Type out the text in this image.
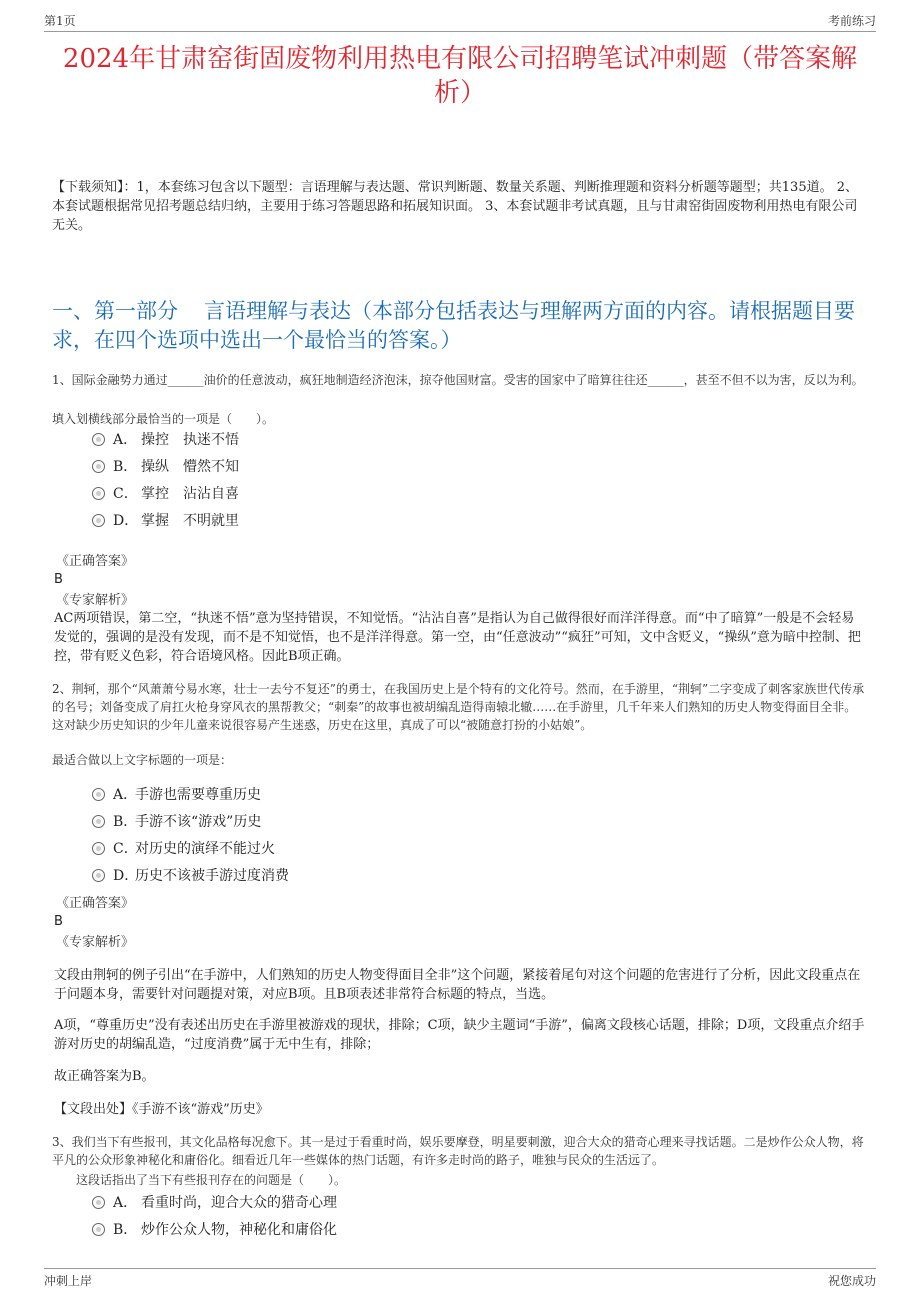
第1页	考前练习
2024年甘肃窑街固废物利用热电有限公司招聘笔试冲刺题（带答案解析）
【下载须知】：1，本套练习包含以下题型：言语理解与表达题、常识判断题、数量关系题、判断推理题和资料分析题等题型；共135道。 2、本套试题根据常见招考题总结归纳，主要用于练习答题思路和拓展知识面。 3、本套试题非考试真题，且与甘肃窑街固废物利用热电有限公司无关。
一、第一部分 言语理解与表达（本部分包括表达与理解两方面的内容。请根据题目要求，在四个选项中选出一个最恰当的答案。）
1、国际金融势力通过______油价的任意波动，疯狂地制造经济泡沫，掠夺他国财富。受害的国家中了暗算往往还______，甚至不但不以为害，反以为利。
填入划横线部分最恰当的一项是（　　）。
A． 操控　执迷不悟
B． 操纵　懵然不知
C． 掌控　沾沾自喜
D． 掌握　不明就里
《正确答案》
B
《专家解析》
AC两项错误，第二空，“执迷不悟”意为坚持错误，不知觉悟。“沾沾自喜”是指认为自己做得很好而洋洋得意。而“中了暗算”一般是不会轻易发觉的，强调的是没有发现，而不是不知觉悟，也不是洋洋得意。第一空，由“任意波动”“疯狂”可知，文中含贬义，“操纵”意为暗中控制、把控，带有贬义色彩，符合语境风格。因此B项正确。
2、荆轲，那个“风萧萧兮易水寒，壮士一去兮不复还”的勇士，在我国历史上是个特有的文化符号。然而，在手游里，“荆轲”二字变成了刺客家族世代传承的名号；刘备变成了肩扛火枪身穿风衣的黑帮教父；“刺秦”的故事也被胡编乱造得南辕北辙……在手游里，几千年来人们熟知的历史人物变得面目全非。这对缺少历史知识的少年儿童来说很容易产生迷惑，历史在这里，真成了可以“被随意打扮的小姑娘”。
最适合做以上文字标题的一项是：
A．手游也需要尊重历史
B．手游不该“游戏”历史
C．对历史的演绎不能过火
D．历史不该被手游过度消费
《正确答案》
B
《专家解析》
文段由荆轲的例子引出“在手游中，人们熟知的历史人物变得面目全非”这个问题，紧接着尾句对这个问题的危害进行了分析，因此文段重点在于问题本身，需要针对问题提对策，对应B项。且B项表述非常符合标题的特点，当选。
A项，“尊重历史”没有表述出历史在手游里被游戏的现状，排除；C项，缺少主题词“手游”，偏离文段核心话题，排除；D项，文段重点介绍手游对历史的胡编乱造，“过度消费”属于无中生有，排除；
故正确答案为B。
【文段出处】《手游不该“游戏”历史》
3、我们当下有些报刊，其文化品格每况愈下。其一是过于看重时尚，娱乐要摩登，明星要刺激，迎合大众的猎奇心理来寻找话题。二是炒作公众人物，将平凡的公众形象神秘化和庸俗化。细看近几年一些媒体的热门话题，有许多走时尚的路子，唯独与民众的生活远了。
这段话指出了当下有些报刊存在的问题是（　　）。
A． 看重时尚，迎合大众的猎奇心理
B． 炒作公众人物，神秘化和庸俗化
冲刺上岸	祝您成功
